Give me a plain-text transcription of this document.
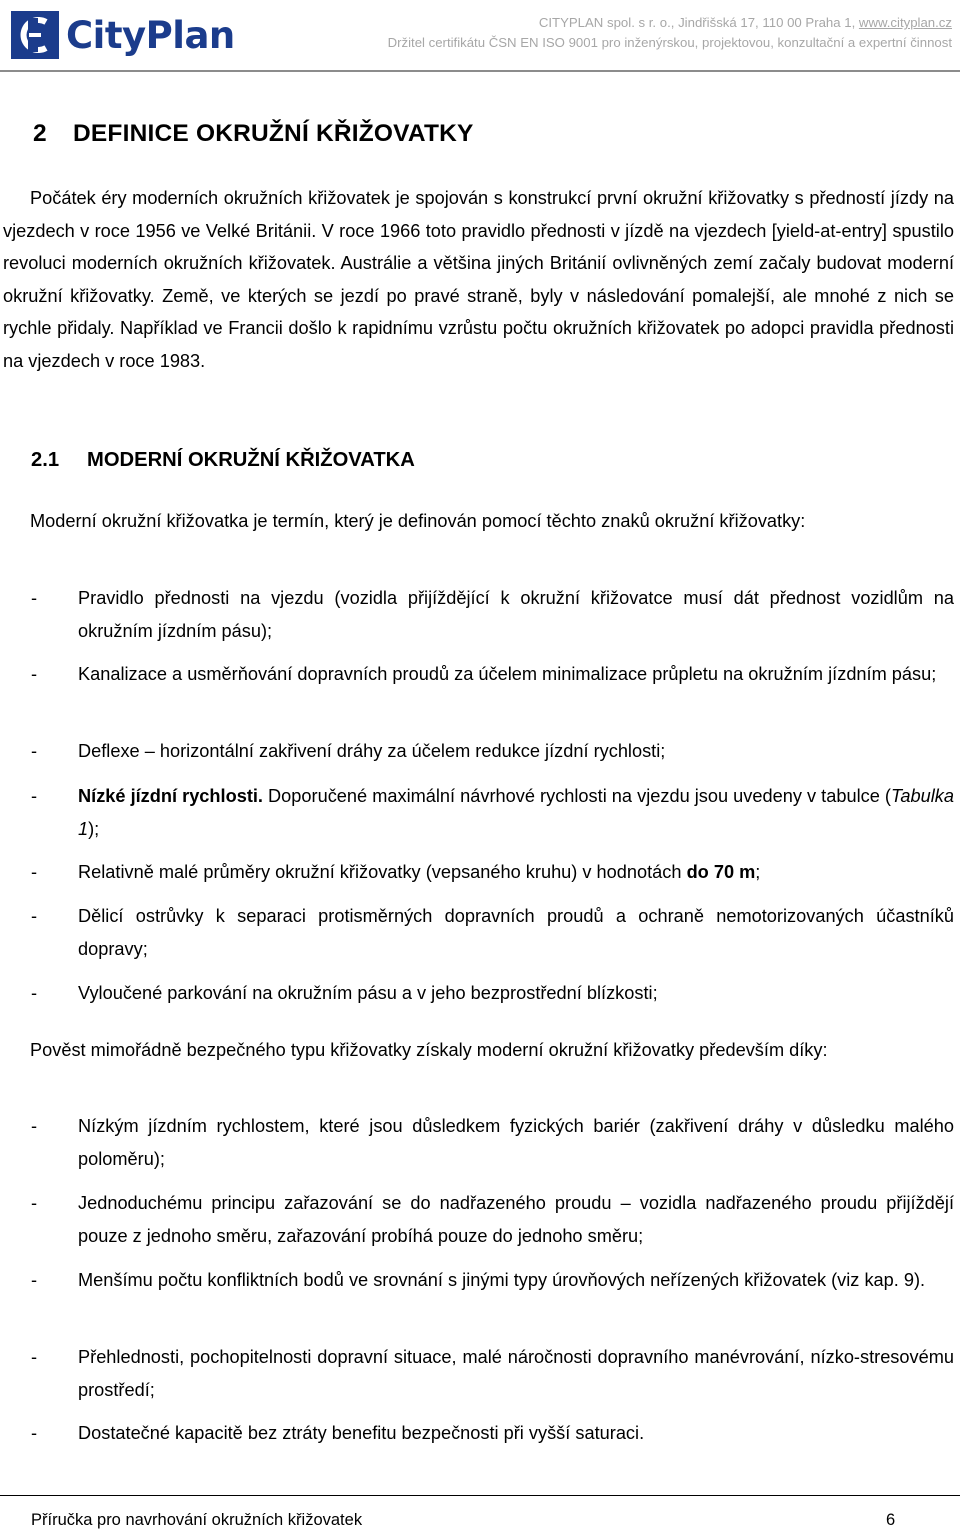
CityPlan	CITYPLAN spol. s r. o., Jindřišská 17, 110 00 Praha 1, www.cityplan.cz
Držitel certifikátu ČSN EN ISO 9001 pro inženýrskou, projektovou, konzultační a expertní činnost
2 DEFINICE OKRUŽNÍ KŘIŽOVATKY
Počátek éry moderních okružních křižovatek je spojován s konstrukcí první okružní křižovatky s předností jízdy na vjezdech v roce 1956 ve Velké Británii. V roce 1966 toto pravidlo přednosti v jízdě na vjezdech [yield-at-entry] spustilo revoluci moderních okružních křižovatek. Austrálie a většina jiných Británií ovlivněných zemí začaly budovat moderní okružní křižovatky. Země, ve kterých se jezdí po pravé straně, byly v následování pomalejší, ale mnohé z nich se rychle přidaly. Například ve Francii došlo k rapidnímu vzrůstu počtu okružních křižovatek po adopci pravidla přednosti na vjezdech v roce 1983.
2.1 MODERNÍ OKRUŽNÍ KŘIŽOVATKA
Moderní okružní křižovatka je termín, který je definován pomocí těchto znaků okružní křižovatky:
- Pravidlo přednosti na vjezdu (vozidla přijíždějící k okružní křižovatce musí dát přednost vozidlům na okružním jízdním pásu);
- Kanalizace a usměrňování dopravních proudů za účelem minimalizace průpletu na okružním jízdním pásu;
- Deflexe – horizontální zakřivení dráhy za účelem redukce jízdní rychlosti;
- Nízké jízdní rychlosti. Doporučené maximální návrhové rychlosti na vjezdu jsou uvedeny v tabulce (Tabulka 1);
- Relativně malé průměry okružní křižovatky (vepsaného kruhu) v hodnotách do 70 m;
- Dělicí ostrůvky k separaci protisměrných dopravních proudů a ochraně nemotorizovaných účastníků dopravy;
- Vyloučené parkování na okružním pásu a v jeho bezprostřední blízkosti;
Pověst mimořádně bezpečného typu křižovatky získaly moderní okružní křižovatky především díky:
- Nízkým jízdním rychlostem, které jsou důsledkem fyzických bariér (zakřivení dráhy v důsledku malého poloměru);
- Jednoduchému principu zařazování se do nadřazeného proudu – vozidla nadřazeného proudu přijíždějí pouze z jednoho směru, zařazování probíhá pouze do jednoho směru;
- Menšímu počtu konfliktních bodů ve srovnání s jinými typy úrovňových neřízených křižovatek (viz kap. 9).
- Přehlednosti, pochopitelnosti dopravní situace, malé náročnosti dopravního manévrování, nízko-stresovému prostředí;
- Dostatečné kapacitě bez ztráty benefitu bezpečnosti při vyšší saturaci.
Příručka pro navrhování okružních křižovatek	6
